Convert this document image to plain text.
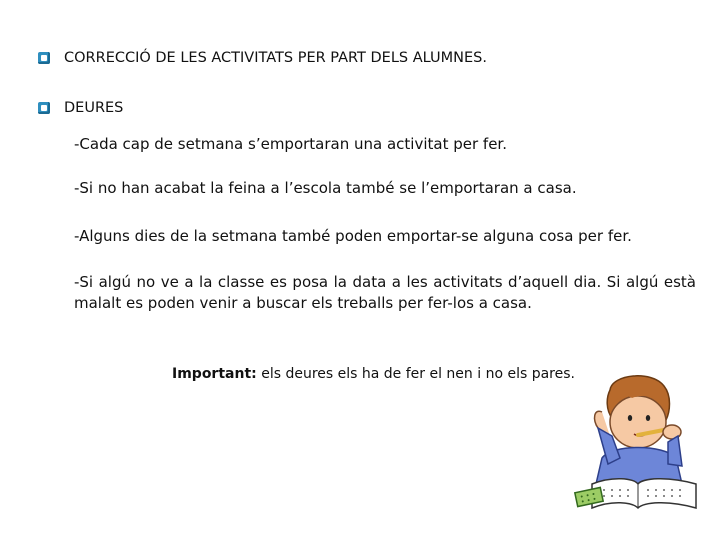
CORRECCIÓ DE LES ACTIVITATS PER PART DELS ALUMNES.
DEURES
-Cada cap de setmana s’emportaran una activitat per fer.
-Si no han acabat la feina a l’escola també se l’emportaran a casa.
-Alguns dies de la setmana també poden emportar-se alguna cosa per fer.
-Si algú no ve a la classe es posa la data a les activitats d’aquell dia. Si algú està malalt es poden venir a buscar els treballs per fer-los a casa.
Important: els deures els ha de fer el nen i no els pares.
